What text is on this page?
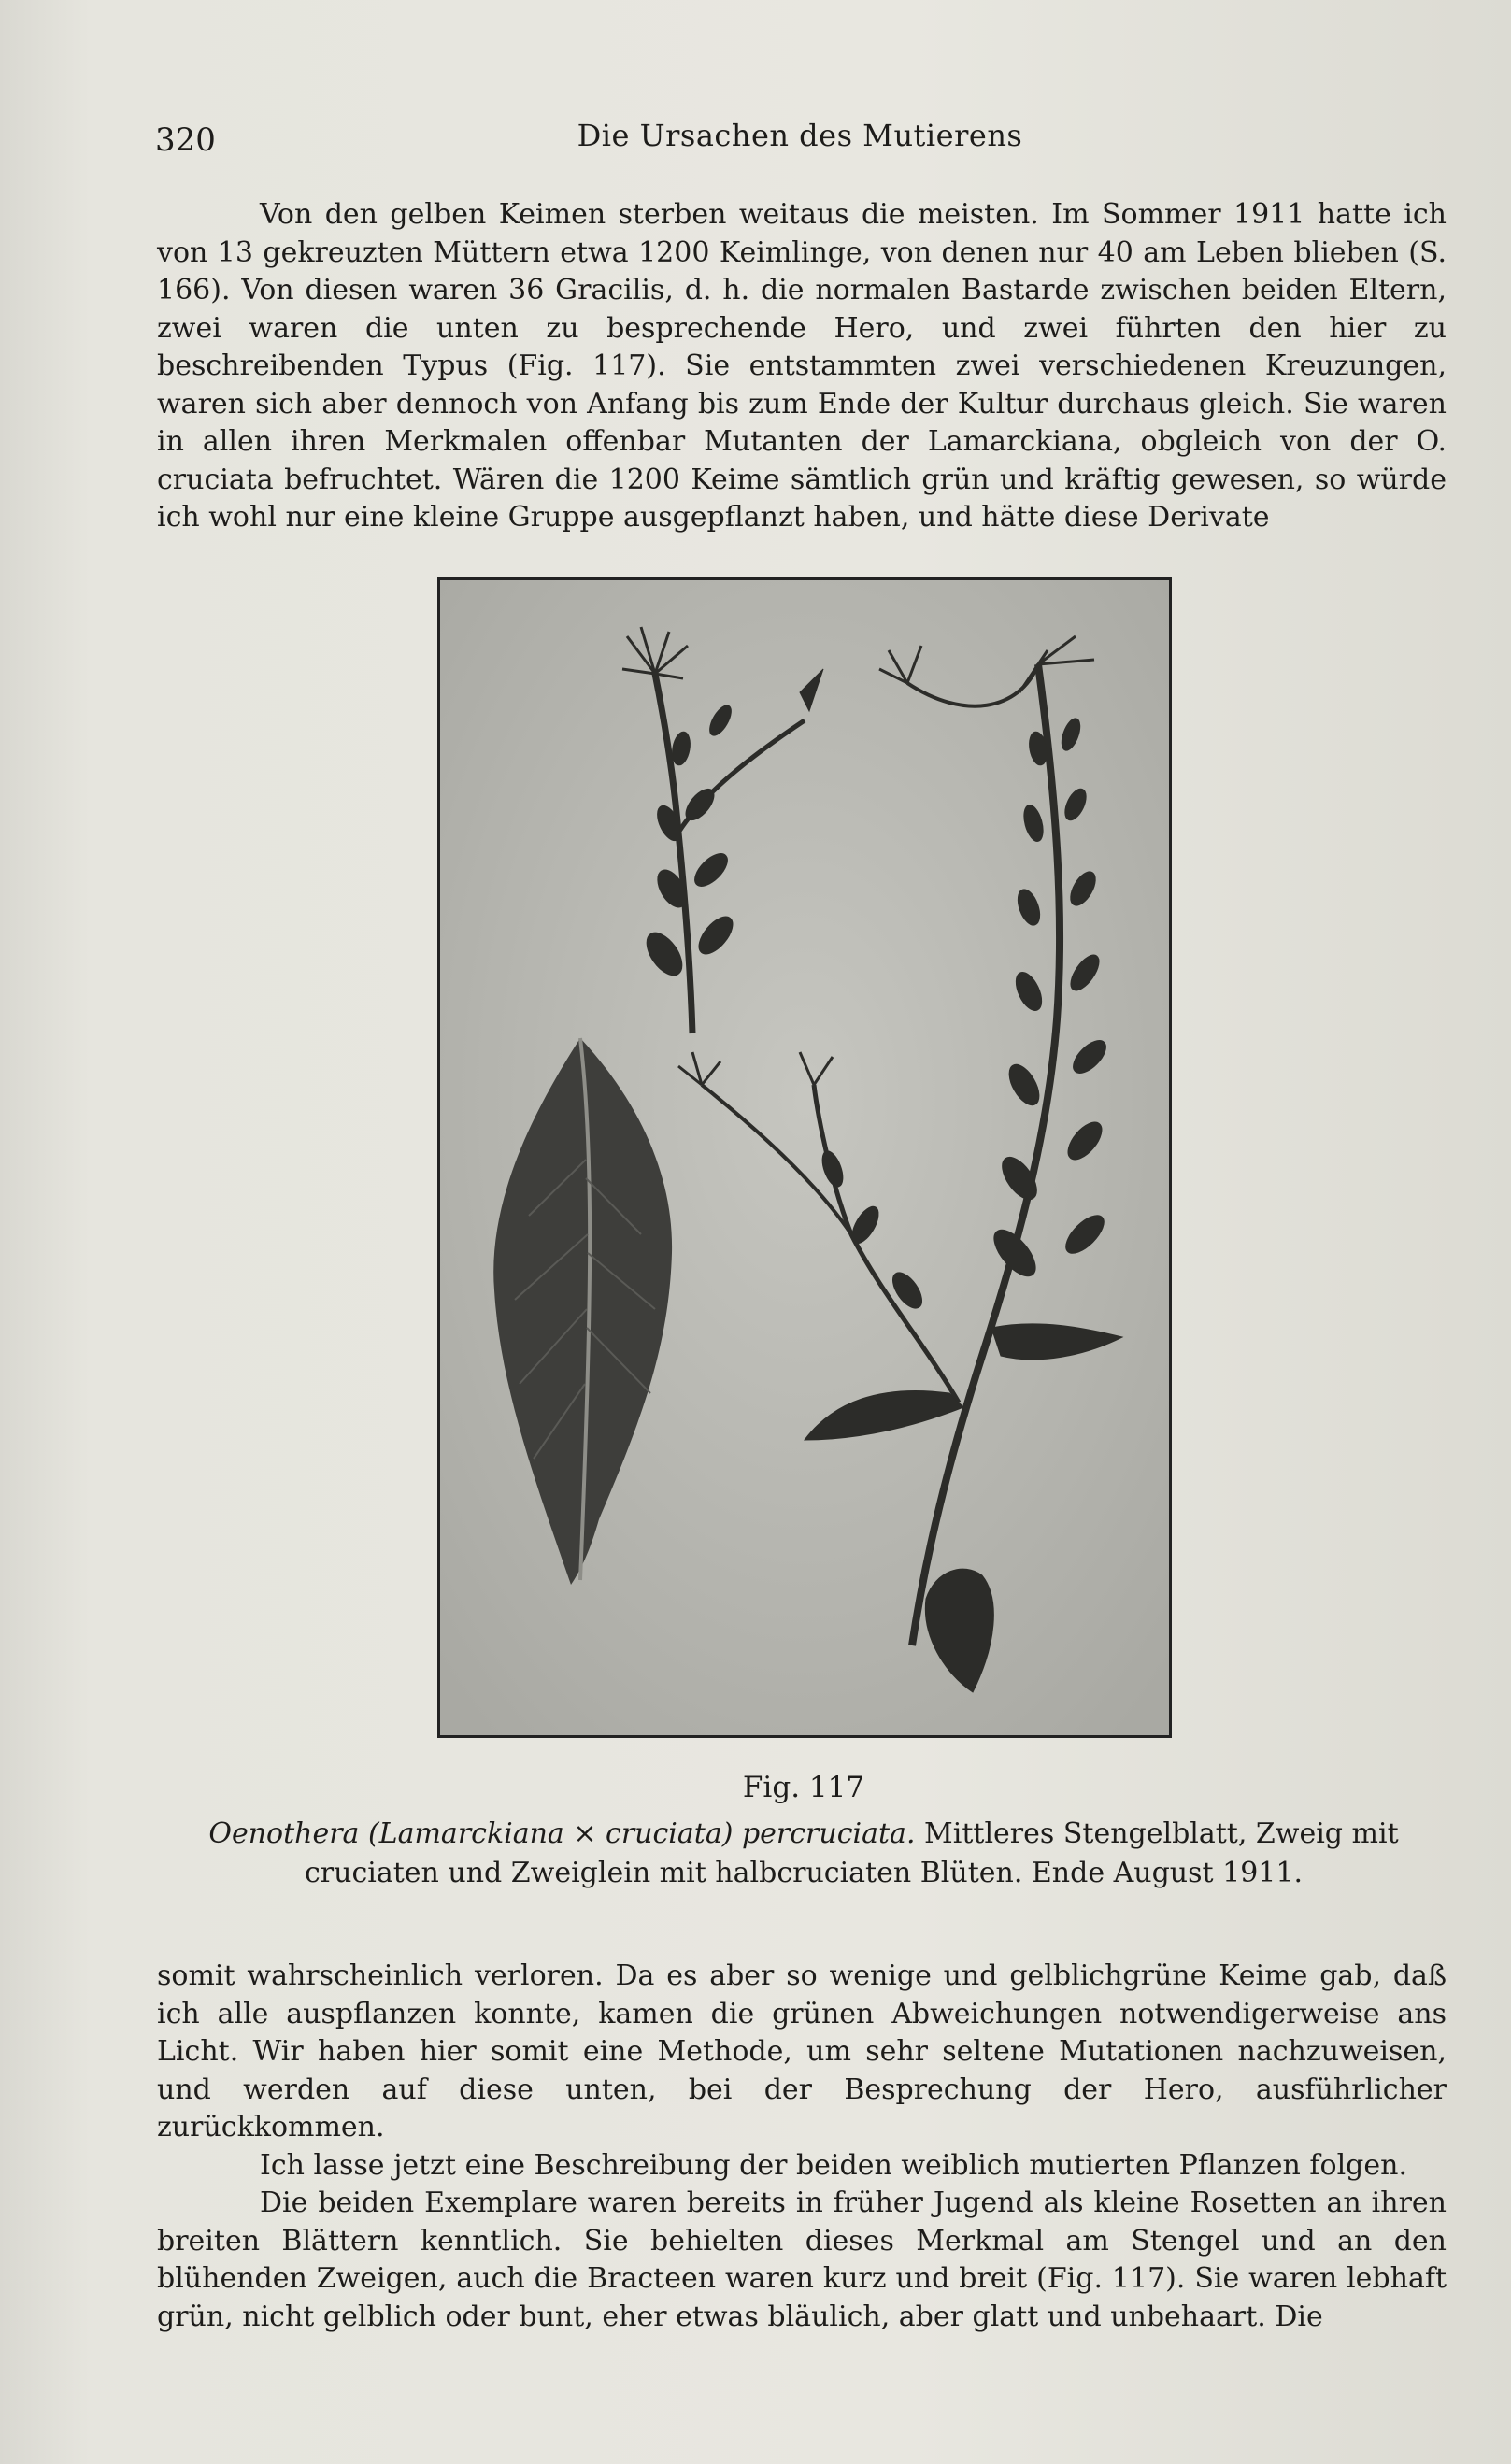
320	Die Ursachen des Mutierens

Von den gelben Keimen sterben weitaus die meisten. Im Sommer 1911 hatte ich von 13 gekreuzten Müttern etwa 1200 Keimlinge, von denen nur 40 am Leben blieben (S. 166). Von diesen waren 36 Gracilis, d. h. die normalen Bastarde zwischen beiden Eltern, zwei waren die unten zu besprechende Hero, und zwei führten den hier zu beschreibenden Typus (Fig. 117). Sie entstammten zwei verschiedenen Kreuzungen, waren sich aber dennoch von Anfang bis zum Ende der Kultur durchaus gleich. Sie waren in allen ihren Merkmalen offenbar Mutanten der Lamarckiana, obgleich von der O. cruciata befruchtet. Wären die 1200 Keime sämtlich grün und kräftig gewesen, so würde ich wohl nur eine kleine Gruppe ausgepflanzt haben, und hätte diese Derivate

Fig. 117
Oenothera (Lamarckiana × cruciata) percruciata. Mittleres Stengelblatt, Zweig mit cruciaten und Zweiglein mit halbcruciaten Blüten. Ende August 1911.

somit wahrscheinlich verloren. Da es aber so wenige und gelblichgrüne Keime gab, daß ich alle auspflanzen konnte, kamen die grünen Abweichungen notwendigerweise ans Licht. Wir haben hier somit eine Methode, um sehr seltene Mutationen nachzuweisen, und werden auf diese unten, bei der Besprechung der Hero, ausführlicher zurückkommen.

Ich lasse jetzt eine Beschreibung der beiden weiblich mutierten Pflanzen folgen.

Die beiden Exemplare waren bereits in früher Jugend als kleine Rosetten an ihren breiten Blättern kenntlich. Sie behielten dieses Merkmal am Stengel und an den blühenden Zweigen, auch die Bracteen waren kurz und breit (Fig. 117). Sie waren lebhaft grün, nicht gelblich oder bunt, eher etwas bläulich, aber glatt und unbehaart. Die
